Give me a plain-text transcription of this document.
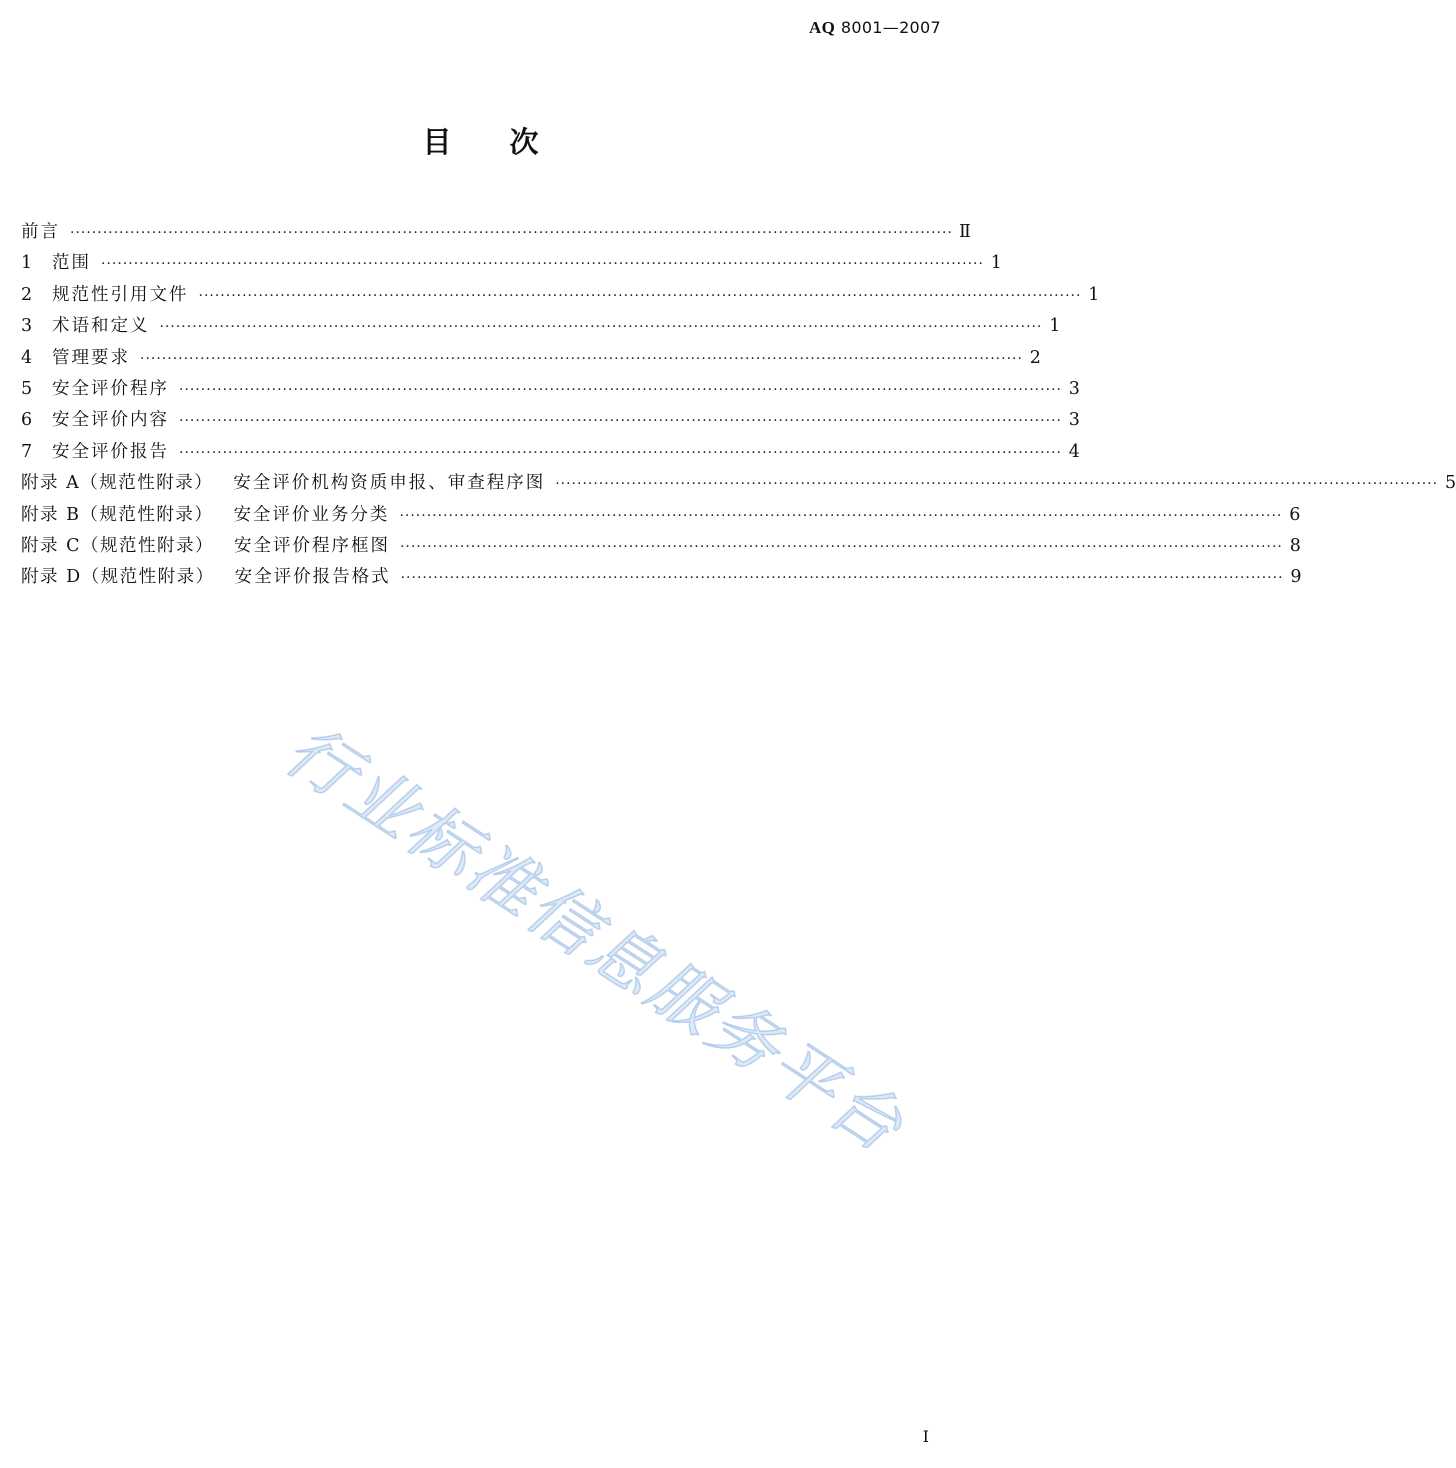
AQ 8001—2007
目 次
前言 ·································································································································································· Ⅱ
1	范围 ·································································································································································· 1
2	规范性引用文件 ·································································································································································· 1
3	术语和定义 ·································································································································································· 1
4	管理要求 ·································································································································································· 2
5	安全评价程序 ·································································································································································· 3
6	安全评价内容 ·································································································································································· 3
7	安全评价报告 ·································································································································································· 4
附录 A（规范性附录） 安全评价机构资质申报、审查程序图 ·································································································································································· 5
附录 B（规范性附录） 安全评价业务分类 ·································································································································································· 6
附录 C（规范性附录） 安全评价程序框图 ·································································································································································· 8
附录 D（规范性附录） 安全评价报告格式 ·································································································································································· 9
行业标准信息服务平台
Ⅰ
